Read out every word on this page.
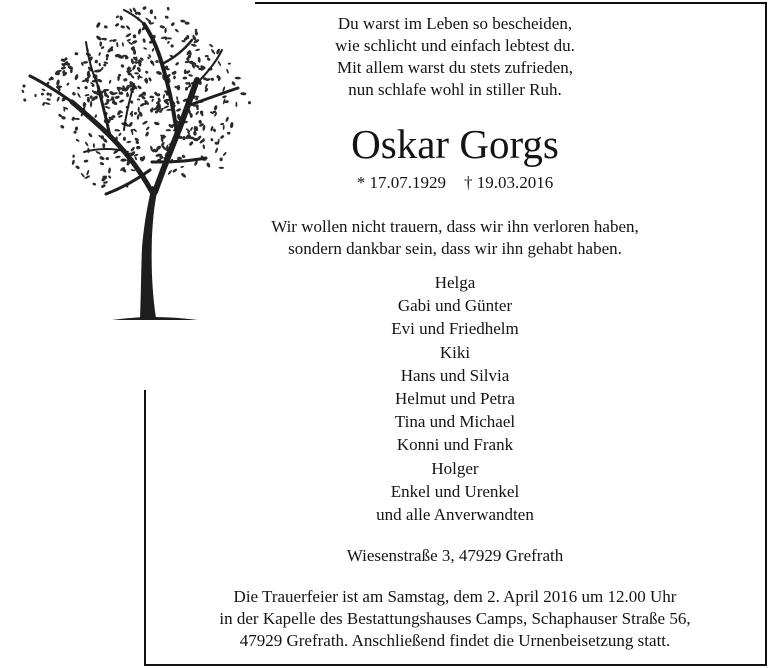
Du warst im Leben so bescheiden,
wie schlicht und einfach lebtest du.
Mit allem warst du stets zufrieden,
nun schlafe wohl in stiller Ruh.
Oskar Gorgs
* 17.07.1929 † 19.03.2016
Wir wollen nicht trauern, dass wir ihn verloren haben,
sondern dankbar sein, dass wir ihn gehabt haben.
Helga
Gabi und Günter
Evi und Friedhelm
Kiki
Hans und Silvia
Helmut und Petra
Tina und Michael
Konni und Frank
Holger
Enkel und Urenkel
und alle Anverwandten
Wiesenstraße 3, 47929 Grefrath
Die Trauerfeier ist am Samstag, dem 2. April 2016 um 12.00 Uhr
in der Kapelle des Bestattungshauses Camps, Schaphauser Straße 56,
47929 Grefrath. Anschließend findet die Urnenbeisetzung statt.
